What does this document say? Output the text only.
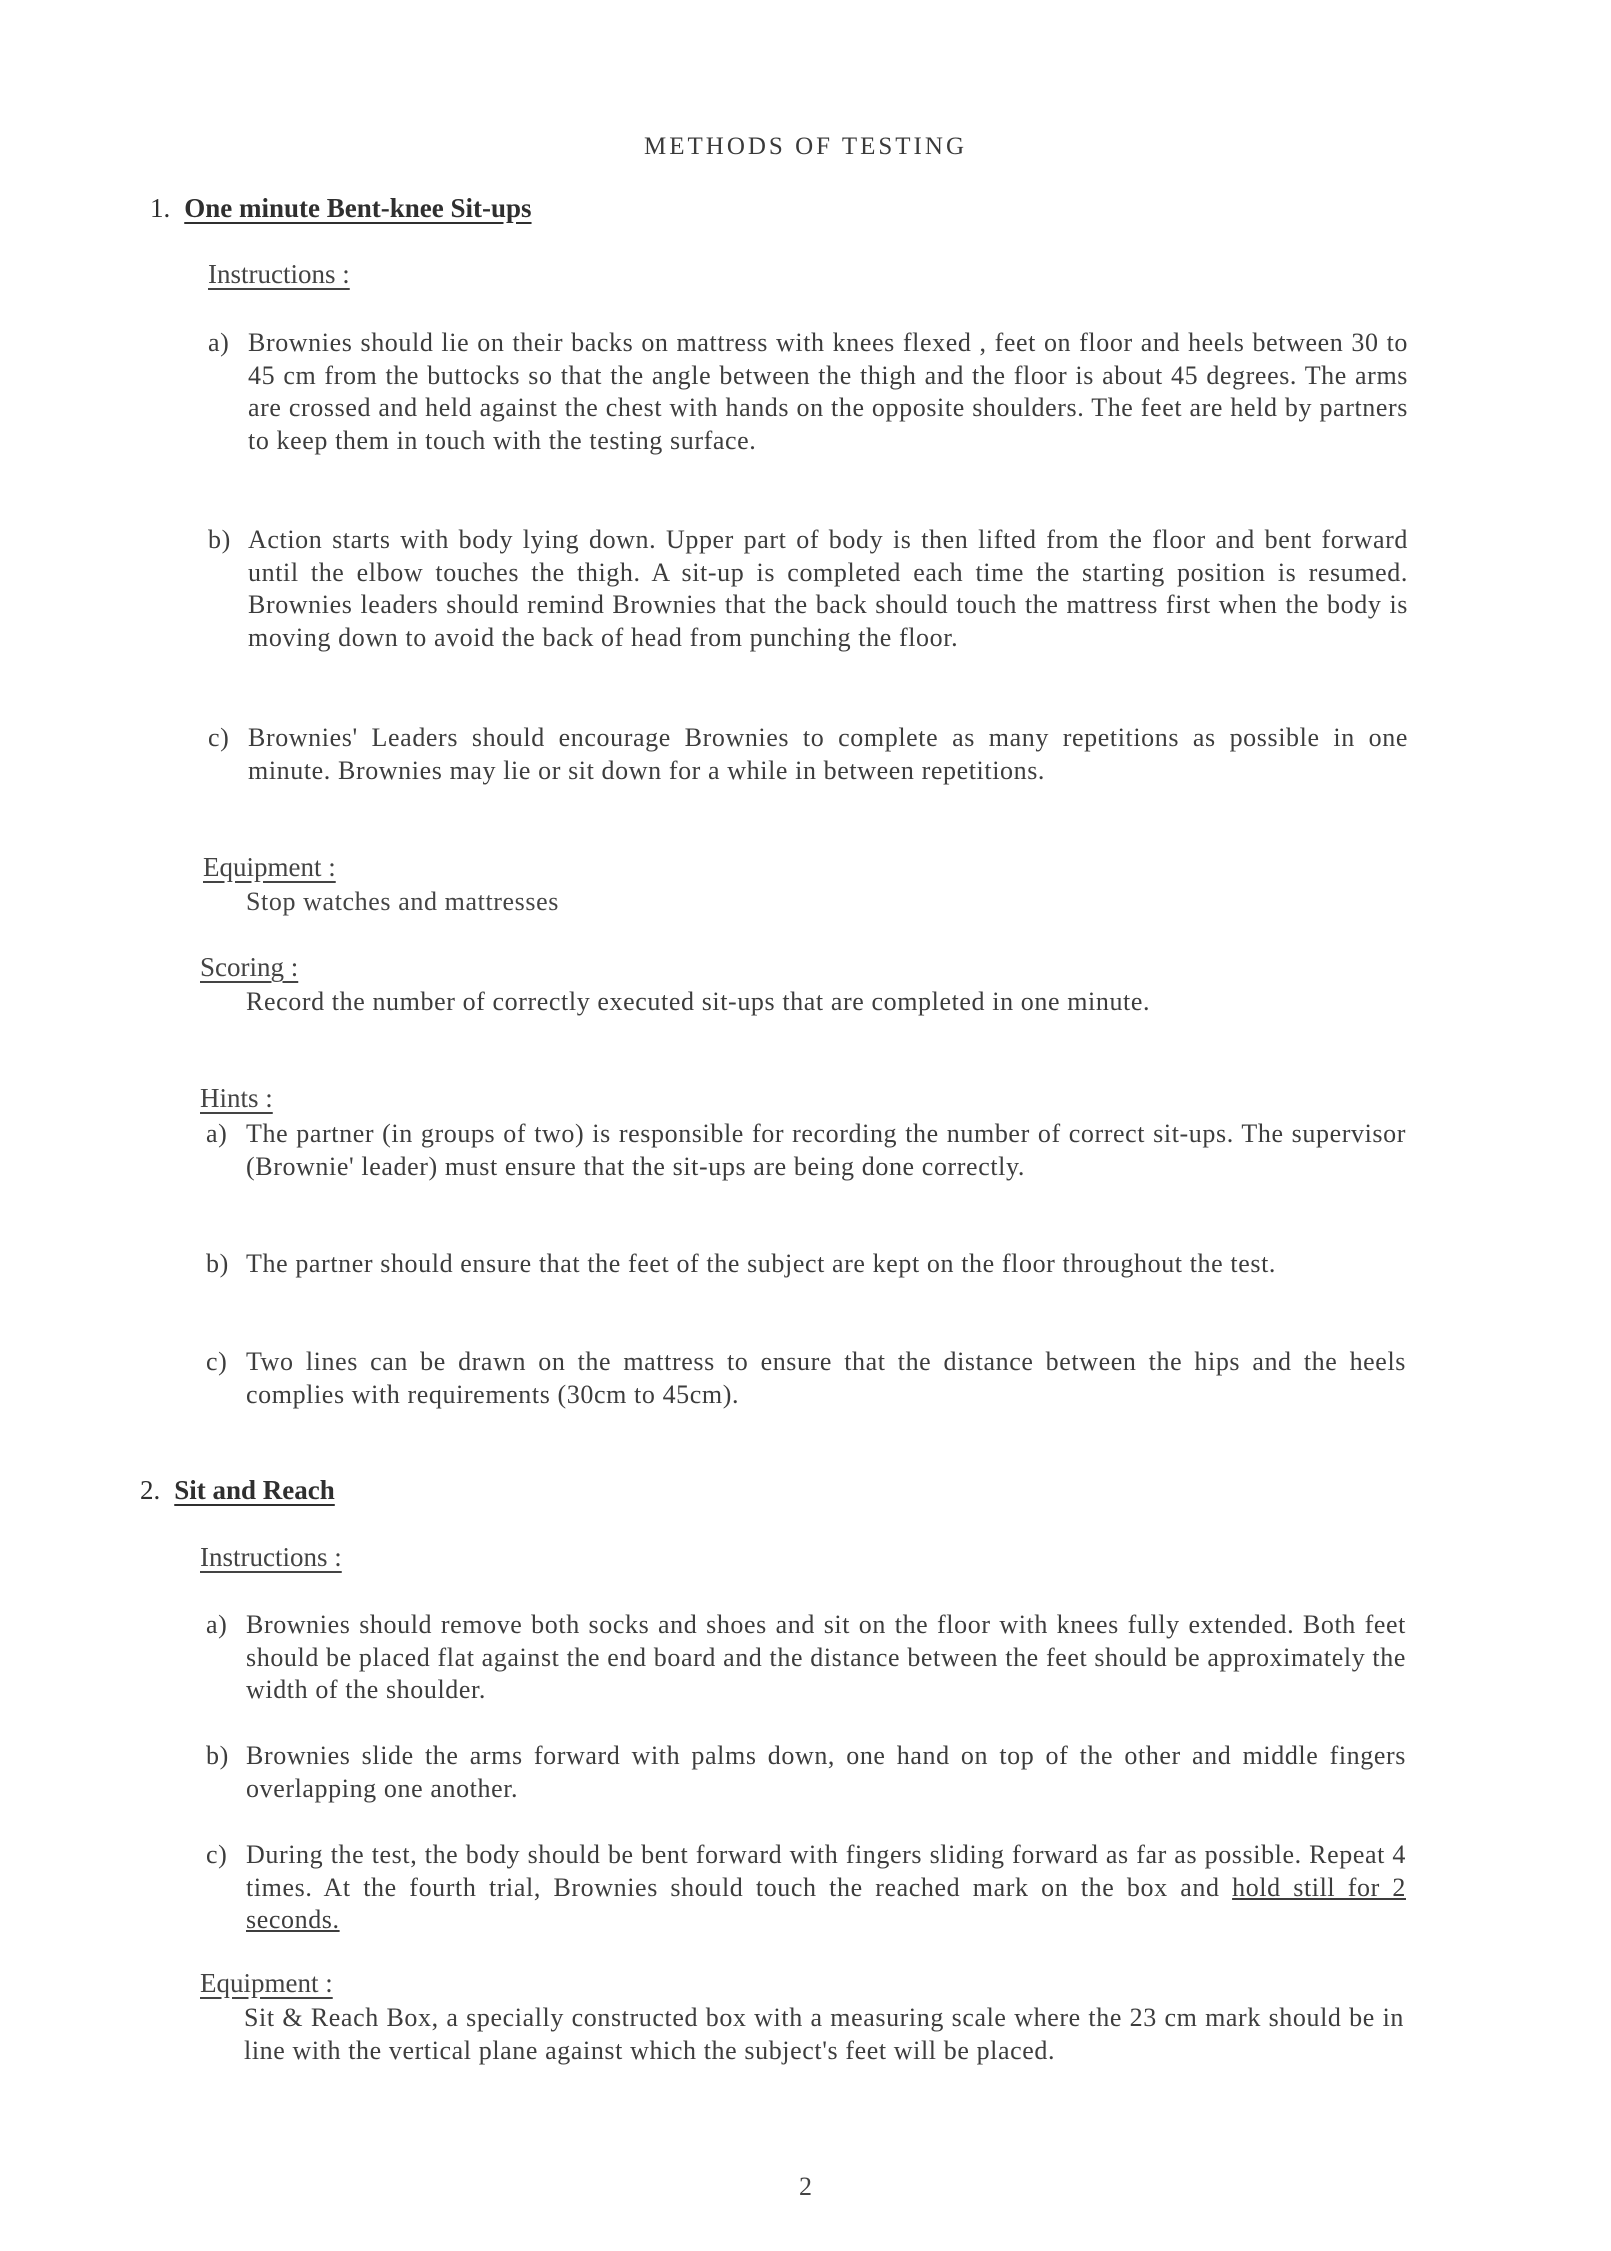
METHODS OF TESTING
1. One minute Bent-knee Sit-ups
Instructions :
a) Brownies should lie on their backs on mattress with knees flexed , feet on floor and heels between 30 to 45 cm from the buttocks so that the angle between the thigh and the floor is about 45 degrees. The arms are crossed and held against the chest with hands on the opposite shoulders. The feet are held by partners to keep them in touch with the testing surface.
b) Action starts with body lying down. Upper part of body is then lifted from the floor and bent forward until the elbow touches the thigh. A sit-up is completed each time the starting position is resumed. Brownies leaders should remind Brownies that the back should touch the mattress first when the body is moving down to avoid the back of head from punching the floor.
c) Brownies' Leaders should encourage Brownies to complete as many repetitions as possible in one minute. Brownies may lie or sit down for a while in between repetitions.
Equipment :
Stop watches and mattresses
Scoring :
Record the number of correctly executed sit-ups that are completed in one minute.
Hints :
a) The partner (in groups of two) is responsible for recording the number of correct sit-ups. The supervisor (Brownie' leader) must ensure that the sit-ups are being done correctly.
b) The partner should ensure that the feet of the subject are kept on the floor throughout the test.
c) Two lines can be drawn on the mattress to ensure that the distance between the hips and the heels complies with requirements (30cm to 45cm).
2. Sit and Reach
Instructions :
a) Brownies should remove both socks and shoes and sit on the floor with knees fully extended. Both feet should be placed flat against the end board and the distance between the feet should be approximately the width of the shoulder.
b) Brownies slide the arms forward with palms down, one hand on top of the other and middle fingers overlapping one another.
c) During the test, the body should be bent forward with fingers sliding forward as far as possible. Repeat 4 times. At the fourth trial, Brownies should touch the reached mark on the box and hold still for 2 seconds.
Equipment :
Sit & Reach Box, a specially constructed box with a measuring scale where the 23 cm mark should be in line with the vertical plane against which the subject's feet will be placed.
2
